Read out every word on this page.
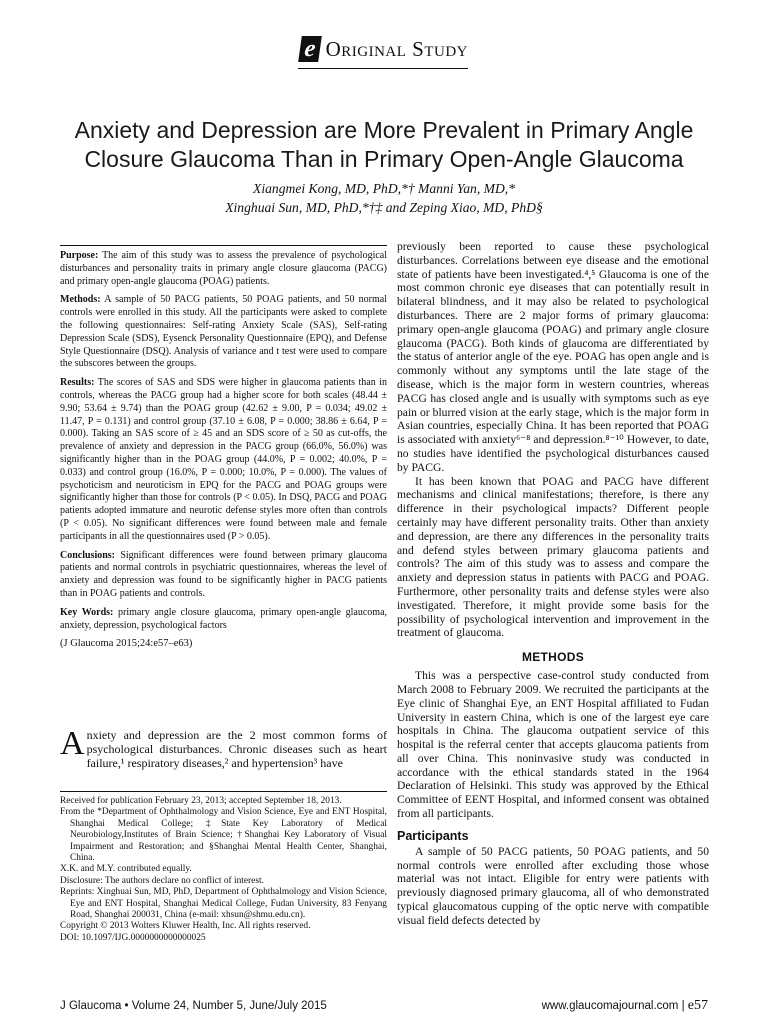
e Original Study
Anxiety and Depression are More Prevalent in Primary Angle Closure Glaucoma Than in Primary Open-Angle Glaucoma
Xiangmei Kong, MD, PhD,*† Manni Yan, MD,*
Xinghuai Sun, MD, PhD,*†‡ and Zeping Xiao, MD, PhD§

Purpose: The aim of this study was to assess the prevalence of psychological disturbances and personality traits in primary angle closure glaucoma (PACG) and primary open-angle glaucoma (POAG) patients.

Methods: A sample of 50 PACG patients, 50 POAG patients, and 50 normal controls were enrolled in this study. All the participants were asked to complete the following questionnaires: Self-rating Anxiety Scale (SAS), Self-rating Depression Scale (SDS), Eysenck Personality Questionnaire (EPQ), and Defense Style Questionnaire (DSQ). Analysis of variance and t test were used to compare the subscores between the groups.

Results: The scores of SAS and SDS were higher in glaucoma patients than in controls, whereas the PACG group had a higher score for both scales (48.44 ± 9.90; 53.64 ± 9.74) than the POAG group (42.62 ± 9.00, P = 0.034; 49.02 ± 11.47, P = 0.131) and control group (37.10 ± 6.08, P = 0.000; 38.86 ± 6.64, P = 0.000). Taking an SAS score of ≥ 45 and an SDS score of ≥ 50 as cut-offs, the prevalence of anxiety and depression in the PACG group (66.0%, 56.0%) was significantly higher than in the POAG group (44.0%, P = 0.002; 40.0%, P = 0.033) and control group (16.0%, P = 0.000; 10.0%, P = 0.000). The values of psychoticism and neuroticism in EPQ for the PACG and POAG groups were significantly higher than those for controls (P < 0.05). In DSQ, PACG and POAG patients adopted immature and neurotic defense styles more often than controls (P < 0.05). No significant differences were found between male and female participants in all the questionnaires used (P > 0.05).

Conclusions: Significant differences were found between primary glaucoma patients and normal controls in psychiatric questionnaires, whereas the level of anxiety and depression was found to be significantly higher in PACG patients than in POAG patients and controls.

Key Words: primary angle closure glaucoma, primary open-angle glaucoma, anxiety, depression, psychological factors

(J Glaucoma 2015;24:e57–e63)

Anxiety and depression are the 2 most common forms of psychological disturbances. Chronic diseases such as heart failure,¹ respiratory diseases,² and hypertension³ have
Received for publication February 23, 2013; accepted September 18, 2013.
From the *Department of Ophthalmology and Vision Science, Eye and ENT Hospital, Shanghai Medical College; ‡State Key Laboratory of Medical Neurobiology,Institutes of Brain Science; †Shanghai Key Laboratory of Visual Impairment and Restoration; and §Shanghai Mental Health Center, Shanghai, China.
X.K. and M.Y. contributed equally.
Disclosure: The authors declare no conflict of interest.
Reprints: Xinghuai Sun, MD, PhD, Department of Ophthalmology and Vision Science, Eye and ENT Hospital, Shanghai Medical College, Fudan University, 83 Fenyang Road, Shanghai 200031, China (e-mail: xhsun@shmu.edu.cn).
Copyright © 2013 Wolters Kluwer Health, Inc. All rights reserved.
DOI: 10.1097/IJG.0000000000000025

previously been reported to cause these psychological disturbances. Correlations between eye disease and the emotional state of patients have been investigated.⁴,⁵ Glaucoma is one of the most common chronic eye diseases that can potentially result in bilateral blindness, and it may also be related to psychological disturbances. There are 2 major forms of primary glaucoma: primary open-angle glaucoma (POAG) and primary angle closure glaucoma (PACG). Both kinds of glaucoma are differentiated by the status of anterior angle of the eye. POAG has open angle and is commonly without any symptoms until the late stage of the disease, which is the major form in western countries, whereas PACG has closed angle and is usually with symptoms such as eye pain or blurred vision at the early stage, which is the major form in Asian countries, especially China. It has been reported that POAG is associated with anxiety⁶⁻⁸ and depression.⁸⁻¹⁰ However, to date, no studies have identified the psychological disturbances caused by PACG.

It has been known that POAG and PACG have different mechanisms and clinical manifestations; therefore, is there any difference in their psychological impacts? Different people certainly may have different personality traits. Other than anxiety and depression, are there any differences in the personality traits and defend styles between primary glaucoma patients and controls? The aim of this study was to assess and compare the anxiety and depression status in patients with PACG and POAG. Furthermore, other personality traits and defense styles were also investigated. Therefore, it might provide some basis for the possibility of psychological intervention and improvement in the treatment of glaucoma.

METHODS

This was a perspective case-control study conducted from March 2008 to February 2009. We recruited the participants at the Eye clinic of Shanghai Eye, an ENT Hospital affiliated to Fudan University in eastern China, which is one of the largest eye care hospitals in China. The glaucoma outpatient service of this hospital is the referral center that accepts glaucoma patients from all over China. This noninvasive study was conducted in accordance with the ethical standards stated in the 1964 Declaration of Helsinki. This study was approved by the Ethical Committee of EENT Hospital, and informed consent was obtained from all participants.

Participants

A sample of 50 PACG patients, 50 POAG patients, and 50 normal controls were enrolled after excluding those whose material was not intact. Eligible for entry were patients with previously diagnosed primary glaucoma, all of who demonstrated typical glaucomatous cupping of the optic nerve with compatible visual field defects detected by

J Glaucoma • Volume 24, Number 5, June/July 2015	www.glaucomajournal.com | e57
